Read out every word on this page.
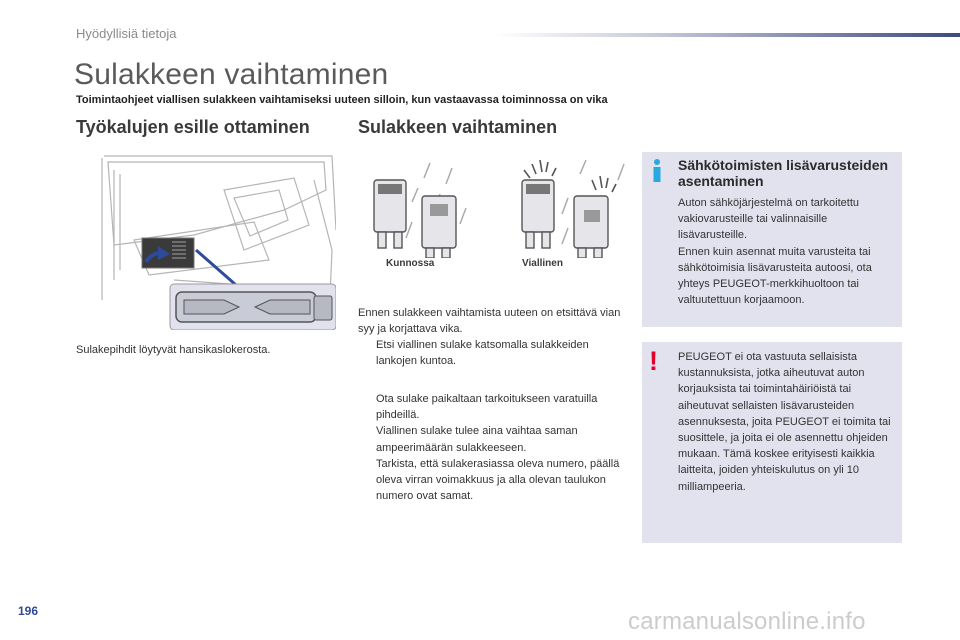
Hyödyllisiä tietoja
Sulakkeen vaihtaminen
Toimintaohjeet viallisen sulakkeen vaihtamiseksi uuteen silloin, kun vastaavassa toiminnossa on vika
Työkalujen esille ottaminen	Sulakkeen vaihtaminen
Sulakepihdit löytyvät hansikaslokerosta.
Kunnossa	Viallinen
Ennen sulakkeen vaihtamista uuteen on etsittävä vian syy ja korjattava vika.
Etsi viallinen sulake katsomalla sulakkeiden lankojen kuntoa.
Ota sulake paikaltaan tarkoitukseen varatuilla pihdeillä.
Viallinen sulake tulee aina vaihtaa saman ampeerimäärän sulakkeeseen.
Tarkista, että sulakerasiassa oleva numero, päällä oleva virran voimakkuus ja alla olevan taulukon numero ovat samat.
Sähkötoimisten lisävarusteiden asentaminen
Auton sähköjärjestelmä on tarkoitettu vakiovarusteille tai valinnaisille lisävarusteille.
Ennen kuin asennat muita varusteita tai sähkötoimisia lisävarusteita autoosi, ota yhteys PEUGEOT-merkkihuoltoon tai valtuutettuun korjaamoon.
!	PEUGEOT ei ota vastuuta sellaisista kustannuksista, jotka aiheutuvat auton korjauksista tai toimintahäiriöistä tai aiheutuvat sellaisten lisävarusteiden asennuksesta, joita PEUGEOT ei toimita tai suosittele, ja joita ei ole asennettu ohjeiden mukaan. Tämä koskee erityisesti kaikkia laitteita, joiden yhteiskulutus on yli 10 milliampeeria.
196	carmanualsonline.info
